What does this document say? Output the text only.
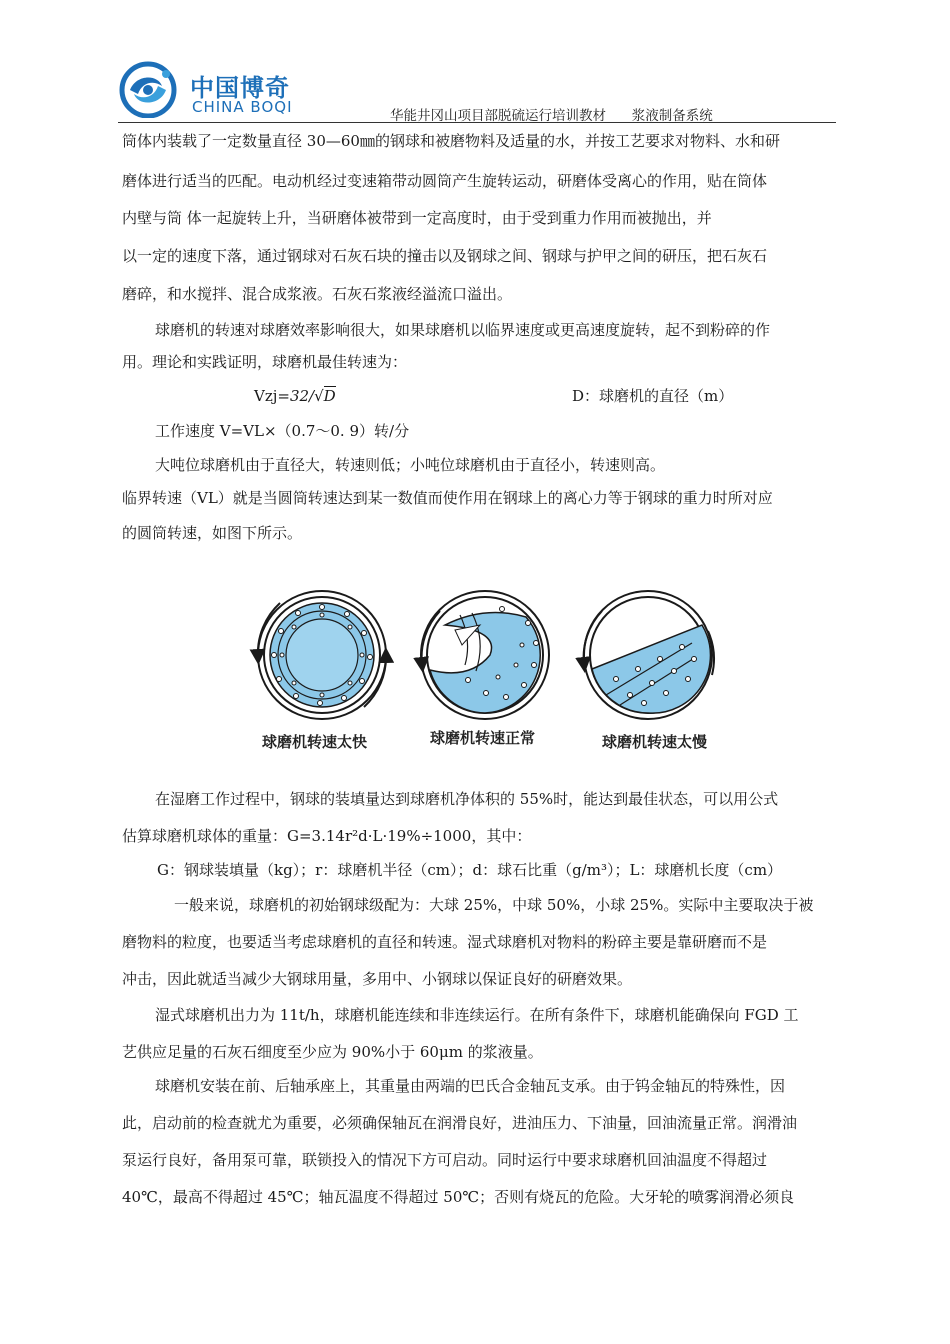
中国博奇
CHINA BOQI	华能井冈山项目部脱硫运行培训教材      浆液制备系统
筒体内装载了一定数量直径 30—60㎜的钢球和被磨物料及适量的水，并按工艺要求对物料、水和研
磨体进行适当的匹配。电动机经过变速箱带动圆筒产生旋转运动，研磨体受离心的作用，贴在筒体
内壁与筒 体一起旋转上升，当研磨体被带到一定高度时，由于受到重力作用而被抛出，并
以一定的速度下落，通过钢球对石灰石块的撞击以及钢球之间、钢球与护甲之间的研压，把石灰石
磨碎，和水搅拌、混合成浆液。石灰石浆液经溢流口溢出。
球磨机的转速对球磨效率影响很大，如果球磨机以临界速度或更高速度旋转，起不到粉碎的作
用。理论和实践证明，球磨机最佳转速为：
Vzj=32/√D	D：球磨机的直径（m）
工作速度 V=VL×（0.7～0. 9）转/分
大吨位球磨机由于直径大，转速则低；小吨位球磨机由于直径小，转速则高。
临界转速（VL）就是当圆筒转速达到某一数值而使作用在钢球上的离心力等于钢球的重力时所对应
的圆筒转速，如图下所示。
球磨机转速太快	球磨机转速正常	球磨机转速太慢
在湿磨工作过程中，钢球的装填量达到球磨机净体积的 55%时，能达到最佳状态，可以用公式
估算球磨机球体的重量：G=3.14r²d·L·19%÷1000，其中：
G：钢球装填量（kg）；r：球磨机半径（cm）；d：球石比重（g/m³）；L：球磨机长度（cm）
一般来说，球磨机的初始钢球级配为：大球 25%，中球 50%，小球 25%。实际中主要取决于被
磨物料的粒度，也要适当考虑球磨机的直径和转速。湿式球磨机对物料的粉碎主要是靠研磨而不是
冲击，因此就适当减少大钢球用量，多用中、小钢球以保证良好的研磨效果。
湿式球磨机出力为 11t/h，球磨机能连续和非连续运行。在所有条件下，球磨机能确保向 FGD 工
艺供应足量的石灰石细度至少应为 90%小于 60μm 的浆液量。
球磨机安装在前、后轴承座上，其重量由两端的巴氏合金轴瓦支承。由于钨金轴瓦的特殊性，因
此，启动前的检查就尤为重要，必须确保轴瓦在润滑良好，进油压力、下油量，回油流量正常。润滑油
泵运行良好，备用泵可靠，联锁投入的情况下方可启动。同时运行中要求球磨机回油温度不得超过
40℃，最高不得超过 45℃；轴瓦温度不得超过 50℃；否则有烧瓦的危险。大牙轮的喷雾润滑必须良
